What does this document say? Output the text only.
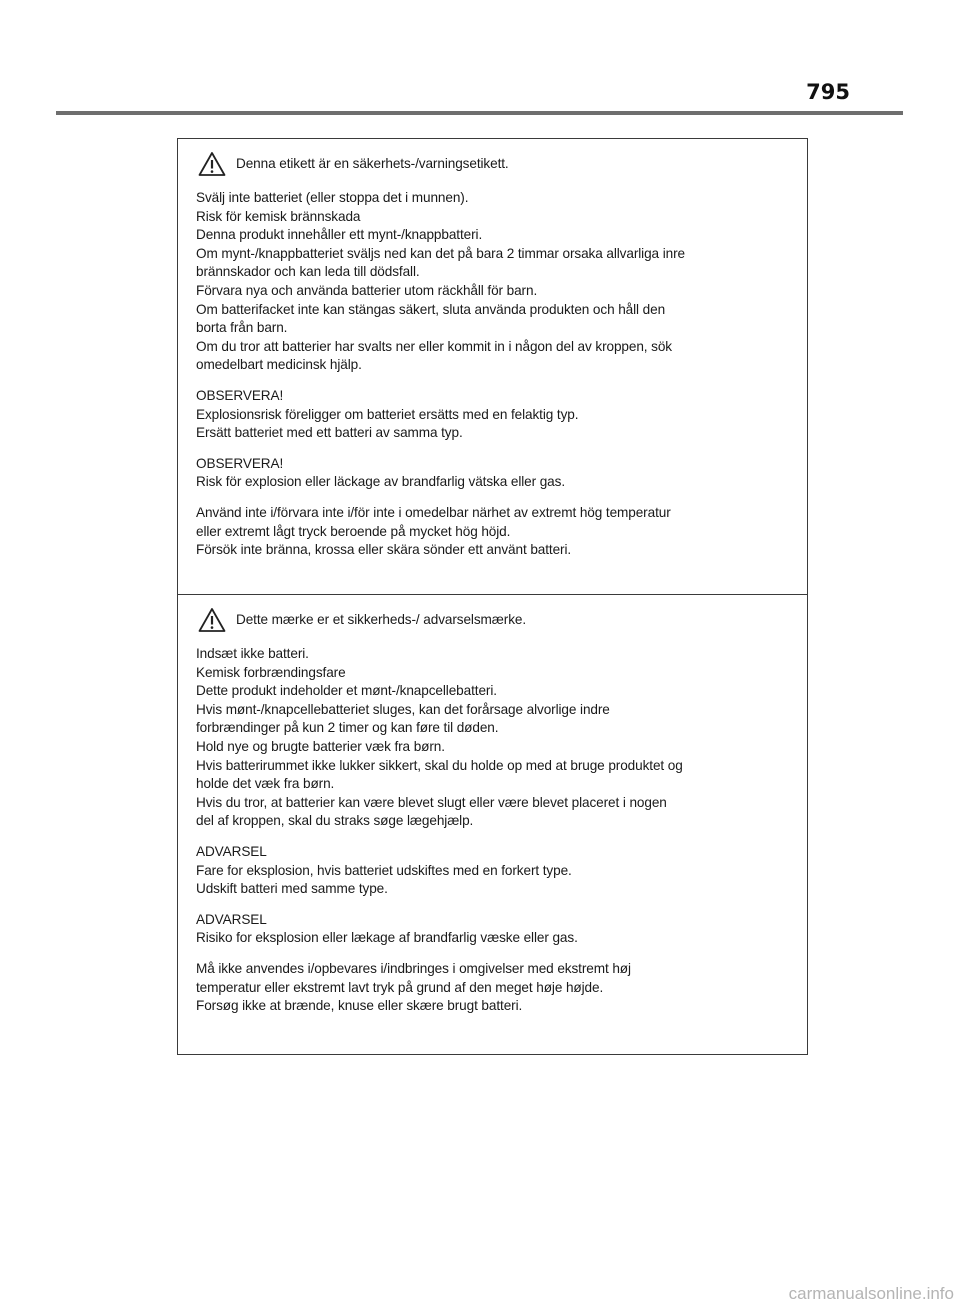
795
Denna etikett är en säkerhets-/varningsetikett.
Svälj inte batteriet (eller stoppa det i munnen).
Risk för kemisk brännskada
Denna produkt innehåller ett mynt-/knappbatteri.
Om mynt-/knappbatteriet sväljs ned kan det på bara 2 timmar orsaka allvarliga inre
brännskador och kan leda till dödsfall.
Förvara nya och använda batterier utom räckhåll för barn.
Om batterifacket inte kan stängas säkert, sluta använda produkten och håll den
borta från barn.
Om du tror att batterier har svalts ner eller kommit in i någon del av kroppen, sök
omedelbart medicinsk hjälp.
OBSERVERA!
Explosionsrisk föreligger om batteriet ersätts med en felaktig typ.
Ersätt batteriet med ett batteri av samma typ.
OBSERVERA!
Risk för explosion eller läckage av brandfarlig vätska eller gas.
Använd inte i/förvara inte i/för inte i omedelbar närhet av extremt hög temperatur
eller extremt lågt tryck beroende på mycket hög höjd.
Försök inte bränna, krossa eller skära sönder ett använt batteri.
Dette mærke er et sikkerheds-/ advarselsmærke.
Indsæt ikke batteri.
Kemisk forbrændingsfare
Dette produkt indeholder et mønt-/knapcellebatteri.
Hvis mønt-/knapcellebatteriet sluges, kan det forårsage alvorlige indre
forbrændinger på kun 2 timer og kan føre til døden.
Hold nye og brugte batterier væk fra børn.
Hvis batterirummet ikke lukker sikkert, skal du holde op med at bruge produktet og
holde det væk fra børn.
Hvis du tror, at batterier kan være blevet slugt eller være blevet placeret i nogen
del af kroppen, skal du straks søge lægehjælp.
ADVARSEL
Fare for eksplosion, hvis batteriet udskiftes med en forkert type.
Udskift batteri med samme type.
ADVARSEL
Risiko for eksplosion eller lækage af brandfarlig væske eller gas.
Må ikke anvendes i/opbevares i/indbringes i omgivelser med ekstremt høj
temperatur eller ekstremt lavt tryk på grund af den meget høje højde.
Forsøg ikke at brænde, knuse eller skære brugt batteri.
carmanualsonline.info
